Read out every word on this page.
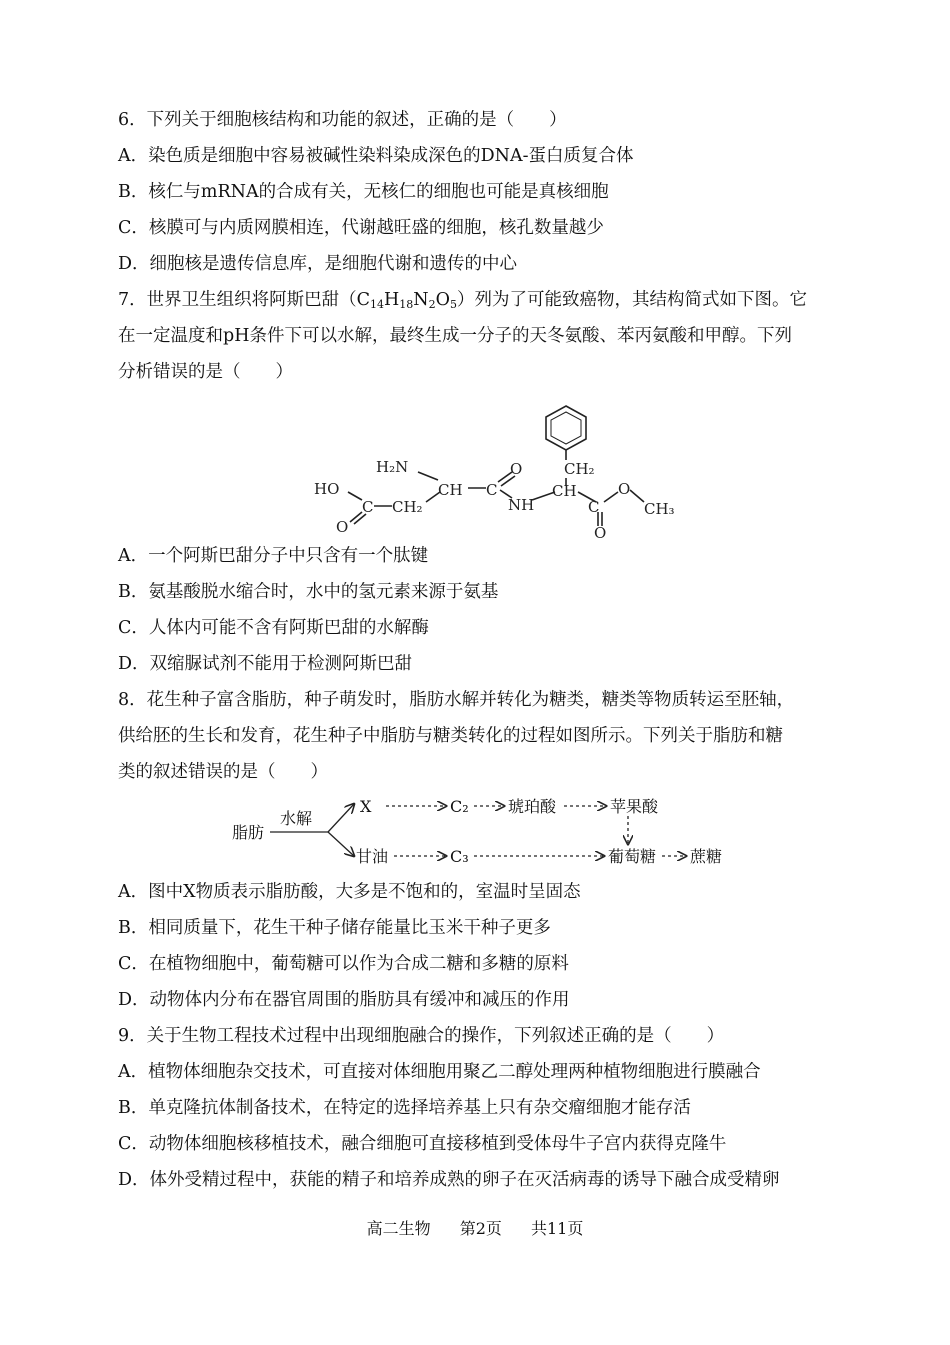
6．下列关于细胞核结构和功能的叙述，正确的是（　　）
A．染色质是细胞中容易被碱性染料染成深色的DNA-蛋白质复合体
B．核仁与mRNA的合成有关，无核仁的细胞也可能是真核细胞
C．核膜可与内质网膜相连，代谢越旺盛的细胞，核孔数量越少
D．细胞核是遗传信息库，是细胞代谢和遗传的中心
7．世界卫生组织将阿斯巴甜$(C_{14}H_{18}N_2O_5)$列为了可能致癌物，其结构简式如下图。它
在一定温度和pH条件下可以水解，最终生成一分子的天冬氨酸、苯丙氨酸和甲醇。下列
分析错误的是（　　）
CH₂
CH
C
O
O
CH₃
NH
C
O
CH
H₂N
CH₂
C
HO
O
A．一个阿斯巴甜分子中只含有一个肽键
B．氨基酸脱水缩合时，水中的氢元素来源于氨基
C．人体内可能不含有阿斯巴甜的水解酶
D．双缩脲试剂不能用于检测阿斯巴甜
8．花生种子富含脂肪，种子萌发时，脂肪水解并转化为糖类，糖类等物质转运至胚轴，
供给胚的生长和发育，花生种子中脂肪与糖类转化的过程如图所示。下列关于脂肪和糖
类的叙述错误的是（　　）
脂肪
水解
X	C₂ 琥珀酸	苹果酸
甘油	C₃	葡萄糖 蔗糖
A．图中X物质表示脂肪酸，大多是不饱和的，室温时呈固态
B．相同质量下，花生干种子储存能量比玉米干种子更多
C．在植物细胞中，葡萄糖可以作为合成二糖和多糖的原料
D．动物体内分布在器官周围的脂肪具有缓冲和减压的作用
9．关于生物工程技术过程中出现细胞融合的操作，下列叙述正确的是（　　）
A．植物体细胞杂交技术，可直接对体细胞用聚乙二醇处理两种植物细胞进行膜融合
B．单克隆抗体制备技术，在特定的选择培养基上只有杂交瘤细胞才能存活
C．动物体细胞核移植技术，融合细胞可直接移植到受体母牛子宫内获得克隆牛
D．体外受精过程中，获能的精子和培养成熟的卵子在灭活病毒的诱导下融合成受精卵
高二生物 第2页 共11页
